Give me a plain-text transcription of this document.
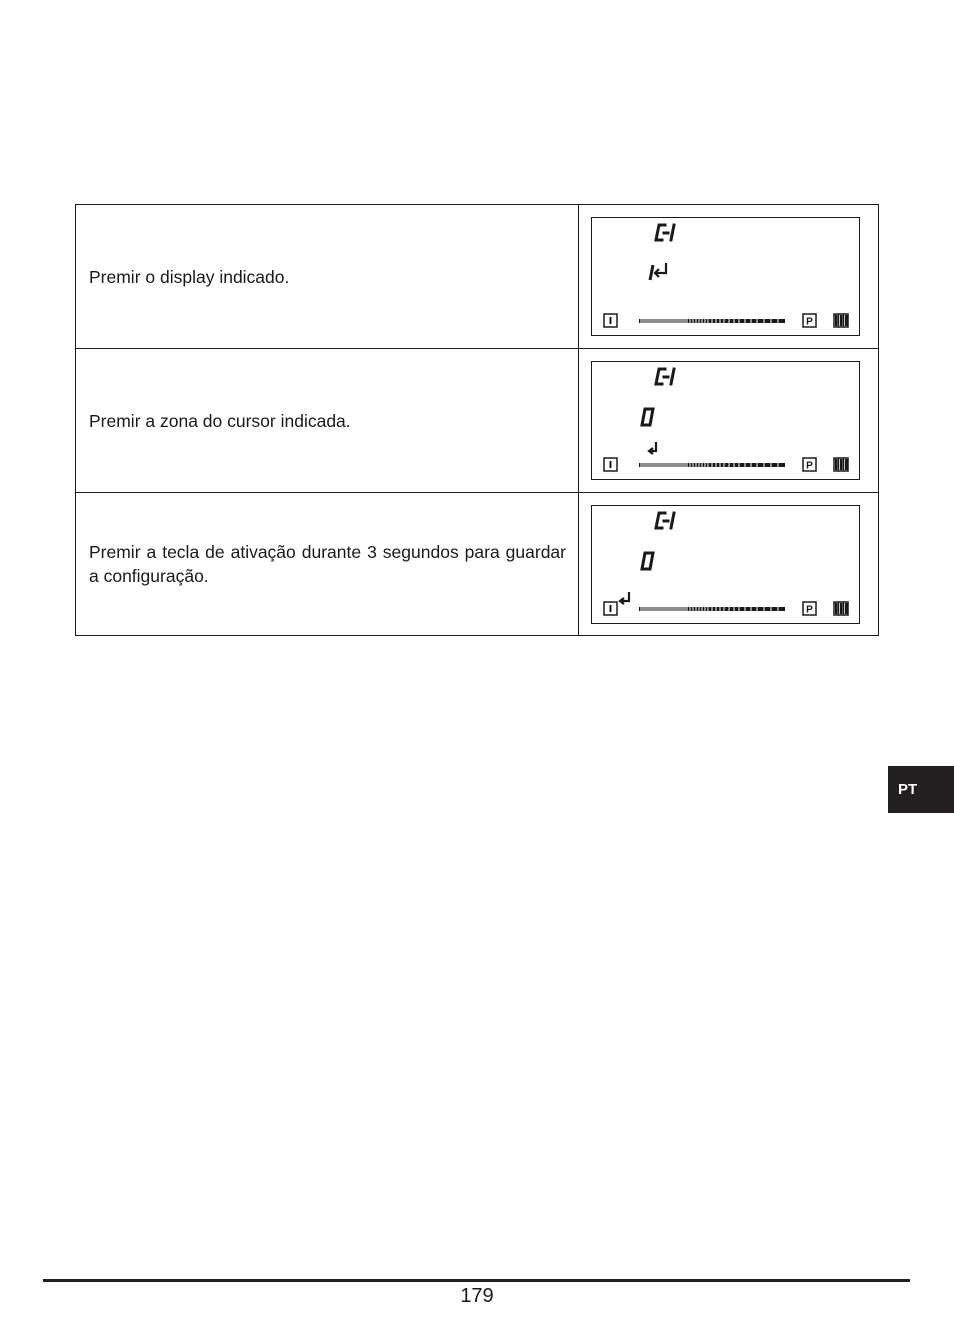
Premir o display indicado.

P

Premir a zona do cursor indicada.

P

Premir a tecla de ativação durante 3 segundos para guardar a configuração.

P
PT
179
